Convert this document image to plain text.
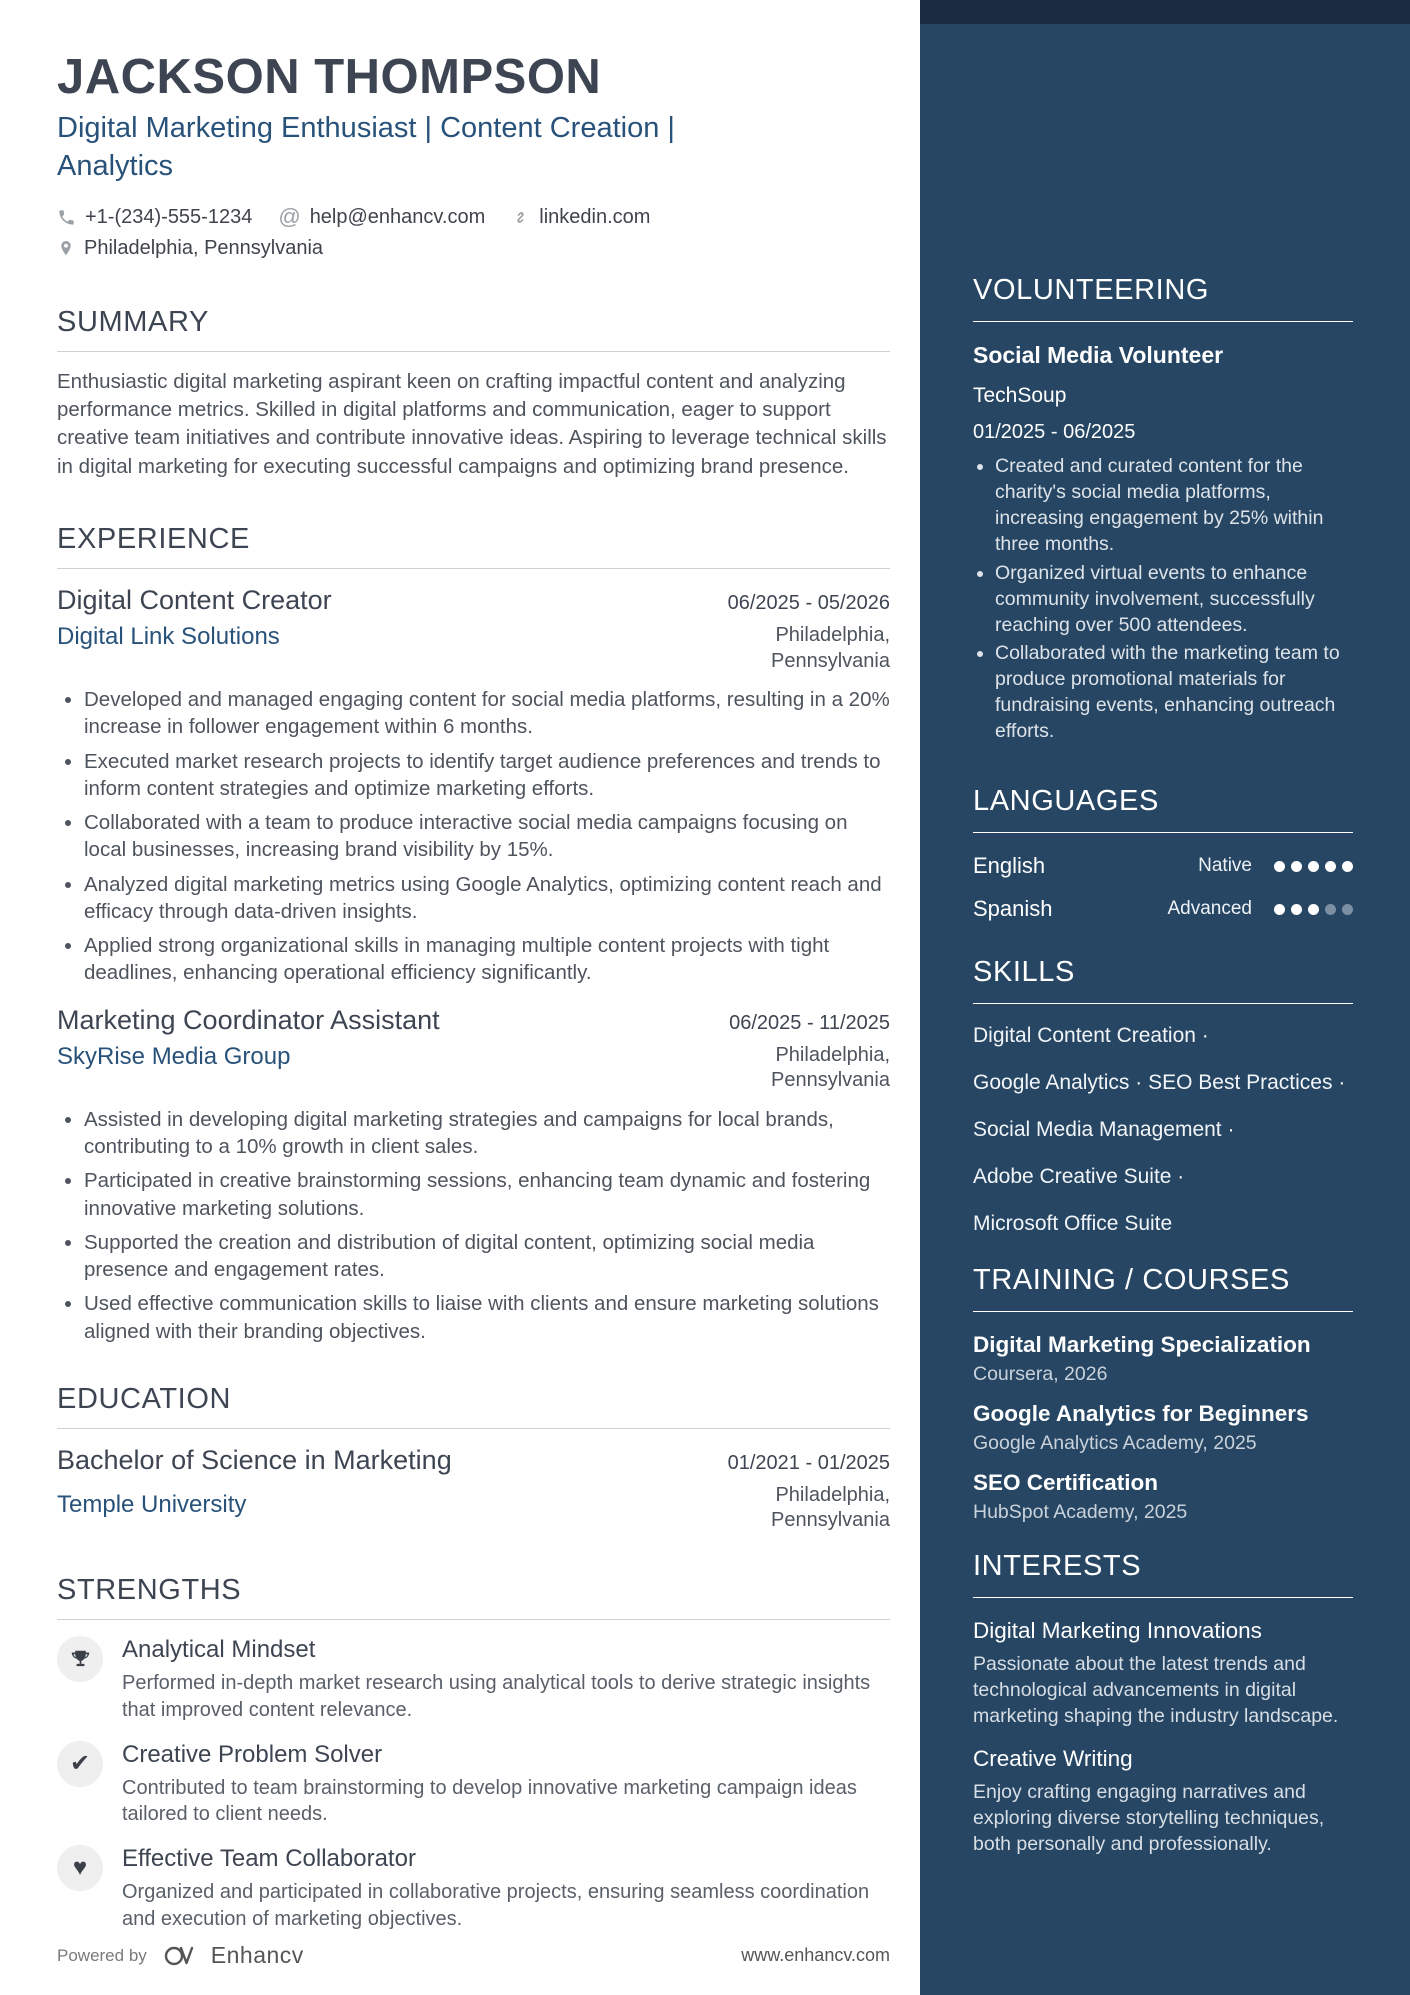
JACKSON THOMPSON
Digital Marketing Enthusiast | Content Creation | Analytics
+1-(234)-555-1234 @ help@enhancv.com	linkedin.com
Philadelphia, Pennsylvania
SUMMARY

Enthusiastic digital marketing aspirant keen on crafting impactful content and analyzing performance metrics. Skilled in digital platforms and communication, eager to support creative team initiatives and contribute innovative ideas. Aspiring to leverage technical skills in digital marketing for executing successful campaigns and optimizing brand presence.

EXPERIENCE
Digital Content Creator	06/2025 - 05/2026
Digital Link Solutions	Philadelphia, Pennsylvania
• Developed and managed engaging content for social media platforms, resulting in a 20% increase in follower engagement within 6 months.
• Executed market research projects to identify target audience preferences and trends to inform content strategies and optimize marketing efforts.
• Collaborated with a team to produce interactive social media campaigns focusing on local businesses, increasing brand visibility by 15%.
• Analyzed digital marketing metrics using Google Analytics, optimizing content reach and efficacy through data-driven insights.
• Applied strong organizational skills in managing multiple content projects with tight deadlines, enhancing operational efficiency significantly.
Marketing Coordinator Assistant	06/2025 - 11/2025
SkyRise Media Group	Philadelphia, Pennsylvania
• Assisted in developing digital marketing strategies and campaigns for local brands, contributing to a 10% growth in client sales.
• Participated in creative brainstorming sessions, enhancing team dynamic and fostering innovative marketing solutions.
• Supported the creation and distribution of digital content, optimizing social media presence and engagement rates.
• Used effective communication skills to liaise with clients and ensure marketing solutions aligned with their branding objectives.
EDUCATION
Bachelor of Science in Marketing	01/2021 - 01/2025
Temple University	Philadelphia, Pennsylvania
STRENGTHS
Analytical Mindset
Performed in-depth market research using analytical tools to derive strategic insights that improved content relevance.
✔	Creative Problem Solver
Contributed to team brainstorming to develop innovative marketing campaign ideas tailored to client needs.
♥	Effective Team Collaborator
Organized and participated in collaborative projects, ensuring seamless coordination and execution of marketing objectives.
Powered by	Enhancv	www.enhancv.com
VOLUNTEERING
Social Media Volunteer
TechSoup
01/2025 - 06/2025
• Created and curated content for the charity's social media platforms, increasing engagement by 25% within three months.
• Organized virtual events to enhance community involvement, successfully reaching over 500 attendees.
• Collaborated with the marketing team to produce promotional materials for fundraising events, enhancing outreach efforts.
LANGUAGES
English	Native
Spanish	Advanced
SKILLS
Digital Content Creation ·
Google Analytics · SEO Best Practices ·
Social Media Management ·
Adobe Creative Suite ·
Microsoft Office Suite
TRAINING / COURSES
Digital Marketing Specialization
Coursera, 2026
Google Analytics for Beginners
Google Analytics Academy, 2025
SEO Certification
HubSpot Academy, 2025
INTERESTS
Digital Marketing Innovations
Passionate about the latest trends and technological advancements in digital marketing shaping the industry landscape.
Creative Writing
Enjoy crafting engaging narratives and exploring diverse storytelling techniques, both personally and professionally.
